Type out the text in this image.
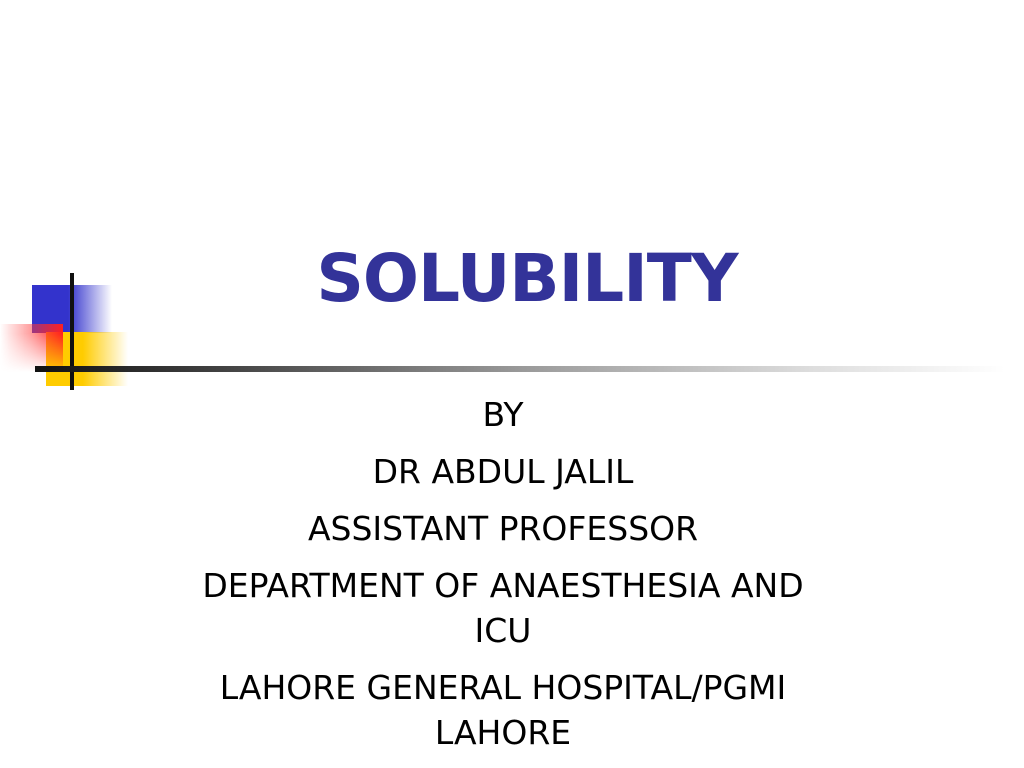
SOLUBILITY
BY
DR ABDUL JALIL
ASSISTANT PROFESSOR
DEPARTMENT OF ANAESTHESIA AND
ICU
LAHORE GENERAL HOSPITAL/PGMI
LAHORE
